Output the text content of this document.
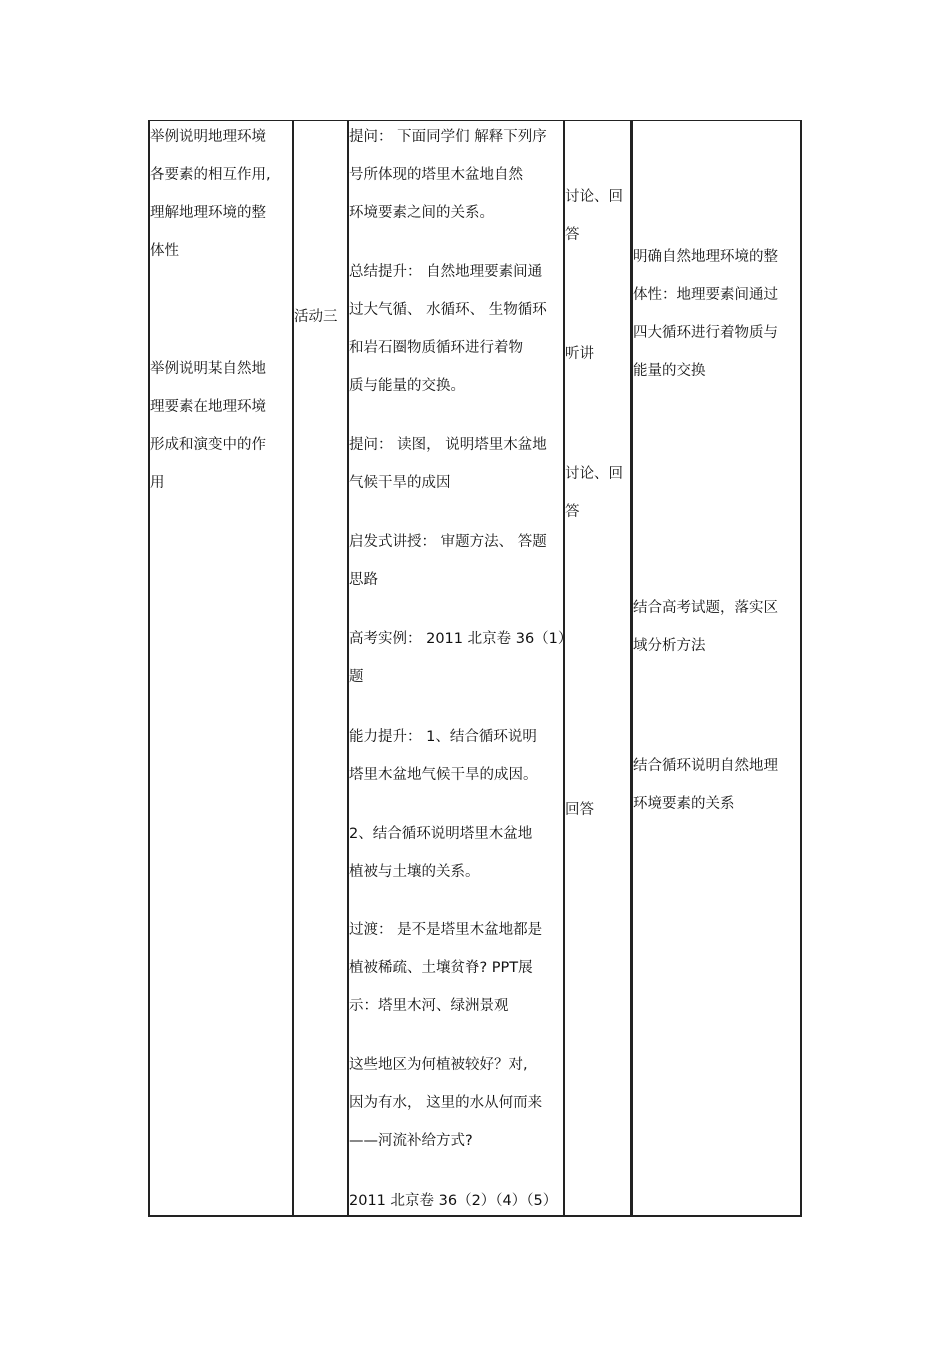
举例说明地理环境
各要素的相互作用,
理解地理环境的整
体性
举例说明某自然地
理要素在地理环境
形成和演变中的作
用
活动三
提问： 下面同学们 解释下列序
号所体现的塔里木盆地自然
环境要素之间的关系。
总结提升： 自然地理要素间通
过大气循、 水循环、 生物循环
和岩石圈物质循环进行着物
质与能量的交换。
提问： 读图， 说明塔里木盆地
气候干旱的成因
启发式讲授： 审题方法、 答题
思路
高考实例： 2011 北京卷 36（1）
题
能力提升： 1、结合循环说明
塔里木盆地气候干旱的成因。
2、结合循环说明塔里木盆地
植被与土壤的关系。
过渡： 是不是塔里木盆地都是
植被稀疏、土壤贫脊? PPT展
示：塔里木河、绿洲景观
这些地区为何植被较好？对,
因为有水， 这里的水从何而来
——河流补给方式?
2011 北京卷 36（2）（4）（5）
讨论、回
答
听讲
讨论、回
答
回答
明确自然地理环境的整
体性：地理要素间通过
四大循环进行着物质与
能量的交换
结合高考试题，落实区
域分析方法
结合循环说明自然地理
环境要素的关系
